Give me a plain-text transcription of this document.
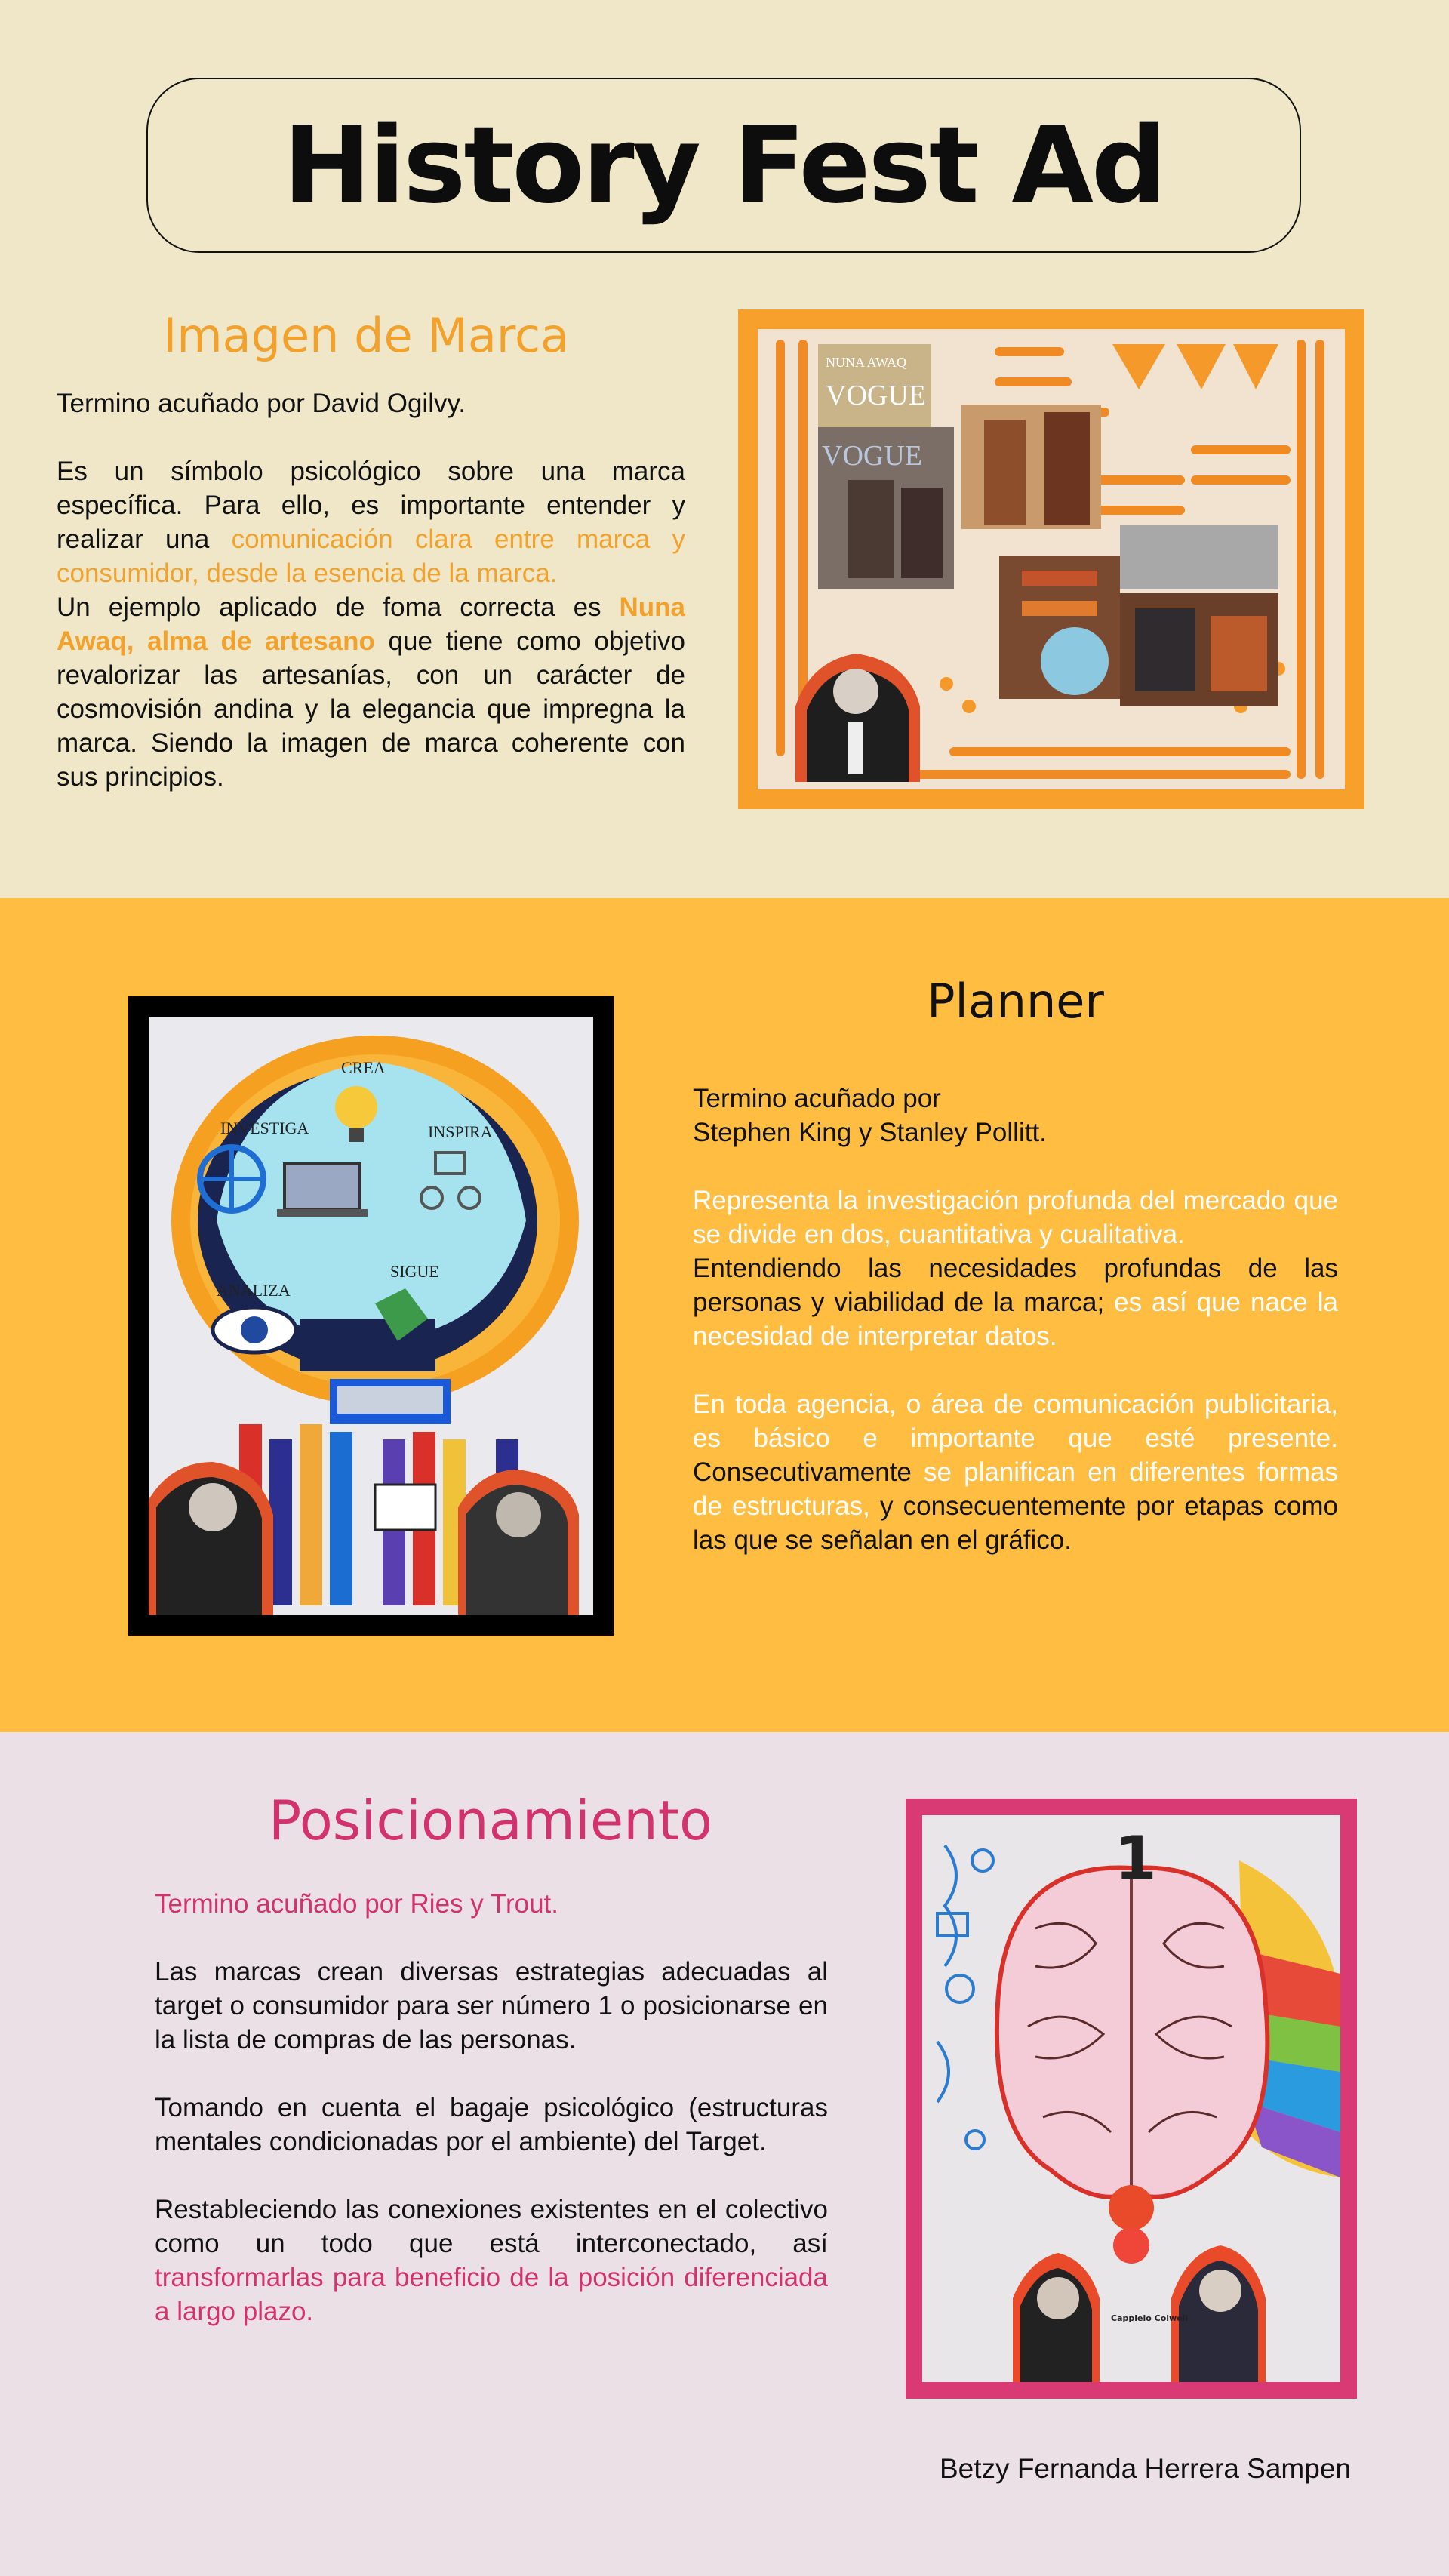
History Fest Ad
Imagen de Marca

Termino acuñado por David Ogilvy.

Es un símbolo psicológico sobre una marca específica. Para ello, es importante entender y realizar una comunicación clara entre marca y consumidor, desde la esencia de la marca.

Un ejemplo aplicado de foma correcta es Nuna Awaq, alma de artesano que tiene como objetivo revalorizar las artesanías, con un carácter de cosmovisión andina y la elegancia que impregna la marca. Siendo la imagen de marca coherente con sus principios.

NUNA AWAQ
VOGUE
VOGUE
CREA
INVESTIGA	INSPIRA
ANALIZA
SIGUE
Planner

Termino acuñado por

Stephen King y Stanley Pollitt.

Representa la investigación profunda del mercado que se divide en dos, cuantitativa y cualitativa.

Entendiendo las necesidades profundas de las personas y viabilidad de la marca; es así que nace la necesidad de interpretar datos.

En toda agencia, o área de comunicación publicitaria, es básico e importante que esté presente. Consecutivamente se planifican en diferentes formas de estructuras, y consecuentemente por etapas como las que se señalan en el gráfico.

Posicionamiento

Termino acuñado por Ries y Trout.

Las marcas crean diversas estrategias adecuadas al target o consumidor para ser número 1 o posicionarse en la lista de compras de las personas.

Tomando en cuenta el bagaje psicológico (estructuras mentales condicionadas por el ambiente) del Target.

Restableciendo las conexiones existentes en el colectivo como un todo que está interconectado, así transformarlas para beneficio de la posición diferenciada a largo plazo.

1
Cappielo Colwell
Betzy Fernanda Herrera Sampen
